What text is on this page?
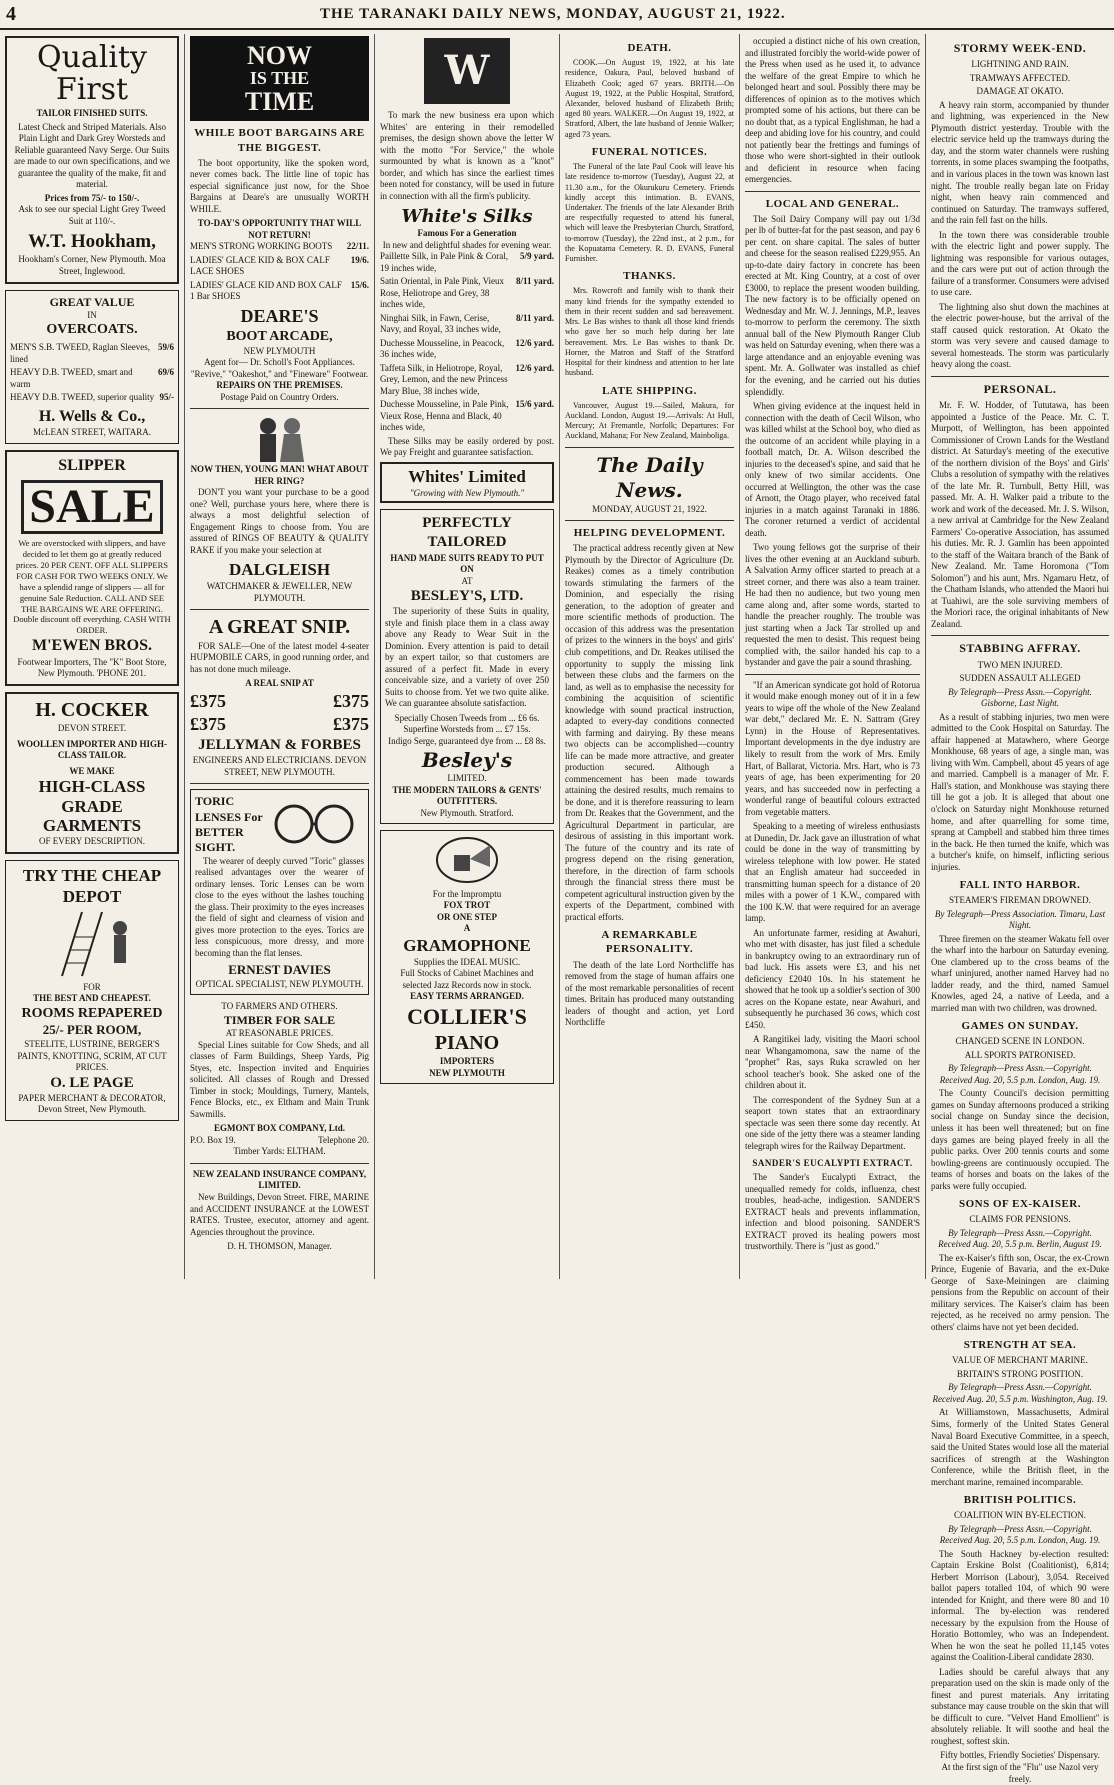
4	THE TARANAKI DAILY NEWS, MONDAY, AUGUST 21, 1922.
Quality
First
TAILOR FINISHED SUITS.
Latest Check and Striped Materials. Also Plain Light and Dark Grey Worsteds and Reliable guaranteed Navy Serge. Our Suits are made to our own specifications, and we guarantee the quality of the make, fit and material.
Prices from 75/- to 150/-.
Ask to see our special Light Grey Tweed Suit at 110/-.
W.T. Hookham,
Hookham's Corner, New Plymouth. Moa Street, Inglewood.
GREAT VALUE
IN
OVERCOATS.
MEN'S S.B. TWEED, Raglan Sleeves, lined
59/6
HEAVY D.B. TWEED, smart and warm
69/6
HEAVY D.B. TWEED, superior quality 95/-
H. Wells & Co.,
McLEAN STREET, WAITARA.
SLIPPER
SALE
We are overstocked with slippers, and have decided to let them go at greatly reduced prices. 20 PER CENT. OFF ALL SLIPPERS FOR CASH FOR TWO WEEKS ONLY. We have a splendid range of slippers — all for genuine Sale Reduction. CALL AND SEE THE BARGAINS WE ARE OFFERING. Double discount off everything. CASH WITH ORDER.
M'EWEN BROS.
Footwear Importers, The "K" Boot Store, New Plymouth. 'PHONE 201.
H. COCKER
DEVON STREET.
WOOLLEN IMPORTER AND HIGH-CLASS TAILOR.
WE MAKE
HIGH-CLASS GRADE GARMENTS
OF EVERY DESCRIPTION.
TRY THE CHEAP DEPOT
FOR
THE BEST AND CHEAPEST.
ROOMS REPAPERED
25/- PER ROOM,
STEELITE, LUSTRINE, BERGER'S PAINTS, KNOTTING, SCRIM, AT CUT PRICES.
O. LE PAGE
PAPER MERCHANT & DECORATOR,
Devon Street, New Plymouth.
NOW
IS THE
TIME
WHILE BOOT BARGAINS ARE THE BIGGEST.
The boot opportunity, like the spoken word, never comes back. The little line of topic has especial significance just now, for the Shoe Bargains at Deare's are unusually WORTH WHILE.
TO-DAY'S OPPORTUNITY THAT WILL NOT RETURN!
MEN'S STRONG WORKING BOOTS 22/11.
LADIES' GLACE KID & BOX CALF LACE SHOES
19/6.
LADIES' GLACE KID AND BOX CALF 1 Bar SHOES
15/6.
DEARE'S
BOOT ARCADE,
NEW PLYMOUTH
Agent for— Dr. Scholl's Foot Appliances. "Revive," "Oakeshot," and "Fineware" Footwear.
REPAIRS ON THE PREMISES.
Postage Paid on Country Orders.
NOW THEN, YOUNG MAN! WHAT ABOUT HER RING?
DON'T you want your purchase to be a good one? Well, purchase yours here, where there is always a most delightful selection of Engagement Rings to choose from. You are assured of RINGS OF BEAUTY & QUALITY RAKE if you make your selection at
DALGLEISH
WATCHMAKER & JEWELLER, NEW PLYMOUTH.
A GREAT SNIP.
FOR SALE—One of the latest model 4-seater HUPMOBILE CARS, in good running order, and has not done much mileage.
A REAL SNIP AT
£375	£375
£375	£375
JELLYMAN & FORBES
ENGINEERS AND ELECTRICIANS. DEVON STREET, NEW PLYMOUTH.
TORIC LENSES For BETTER SIGHT.
The wearer of deeply curved "Toric" glasses realised advantages over the wearer of ordinary lenses. Toric Lenses can be worn close to the eyes without the lashes touching the glass. Their proximity to the eyes increases the field of sight and clearness of vision and gives more protection to the eyes. Torics are less conspicuous, more dressy, and more becoming than the flat lenses.
ERNEST DAVIES
OPTICAL SPECIALIST, NEW PLYMOUTH.
TO FARMERS AND OTHERS.
TIMBER FOR SALE
AT REASONABLE PRICES.
Special Lines suitable for Cow Sheds, and all classes of Farm Buildings, Sheep Yards, Pig Styes, etc. Inspection invited and Enquiries solicited. All classes of Rough and Dressed Timber in stock; Mouldings, Turnery, Mantels, Fence Blocks, etc., ex Eltham and Main Trunk Sawmills.
EGMONT BOX COMPANY, Ltd.
P.O. Box 19.	Telephone 20.
Timber Yards: ELTHAM.
NEW ZEALAND INSURANCE COMPANY, LIMITED.
New Buildings, Devon Street. FIRE, MARINE and ACCIDENT INSURANCE at the LOWEST RATES. Trustee, executor, attorney and agent. Agencies throughout the province.
D. H. THOMSON, Manager.
W
To mark the new business era upon which Whites' are entering in their remodelled premises, the design shown above the letter W with the motto "For Service," the whole surmounted by what is known as a "knot" border, and which has since the earliest times been noted for constancy, will be used in future in connection with all the firm's publicity.
White's Silks
Famous For a Generation
In new and delightful shades for evening wear.
Paillette Silk, in Pale Pink & Coral, 19 inches wide,
5/9 yard.
Satin Oriental, in Pale Pink, Vieux Rose, Heliotrope and Grey, 38 inches wide,
8/11 yard.
Ninghai Silk, in Fawn, Cerise, Navy, and Royal, 33 inches wide,
8/11 yard.
Duchesse Mousseline, in Peacock, 36 inches wide,
12/6 yard.
Taffeta Silk, in Heliotrope, Royal, Grey, Lemon, and the new Princess Mary Blue, 38 inches wide,
12/6 yard.
Duchesse Mousseline, in Pale Pink, Vieux Rose, Henna and Black, 40 inches wide,
15/6 yard.
These Silks may be easily ordered by post. We pay Freight and guarantee satisfaction.
Whites' Limited
"Growing with New Plymouth."
PERFECTLY
TAILORED
HAND MADE SUITS READY TO PUT ON
AT
BESLEY'S, LTD.
The superiority of these Suits in quality, style and finish place them in a class away above any Ready to Wear Suit in the Dominion. Every attention is paid to detail by an expert tailor, so that customers are assured of a perfect fit. Made in every conceivable size, and a variety of over 250 Suits to choose from. Yet we two quite alike. We can guarantee absolute satisfaction.
Specially Chosen Tweeds from ... £6 6s.
Superfine Worsteds from ... £7 15s.
Indigo Serge, guaranteed dye from ... £8 8s.
Besley's
LIMITED.
THE MODERN TAILORS & GENTS' OUTFITTERS.
New Plymouth. Stratford.
For the Impromptu
FOX TROT
OR ONE STEP
A
GRAMOPHONE
Supplies the IDEAL MUSIC.
Full Stocks of Cabinet Machines and selected Jazz Records now in stock.
EASY TERMS ARRANGED.
COLLIER'S
PIANO
IMPORTERS
NEW PLYMOUTH
DEATH.
COOK.—On August 19, 1922, at his late residence, Oakura, Paul, beloved husband of Elizabeth Cook; aged 67 years. BRITH.—On August 19, 1922, at the Public Hospital, Stratford, Alexander, beloved husband of Elizabeth Brith; aged 80 years. WALKER.—On August 19, 1922, at Stratford, Albert, the late husband of Jennie Walker; aged 73 years.
FUNERAL NOTICES.
The Funeral of the late Paul Cook will leave his late residence to-morrow (Tuesday), August 22, at 11.30 a.m., for the Okurukuru Cemetery. Friends kindly accept this intimation. B. EVANS, Undertaker. The friends of the late Alexander Brith are respectfully requested to attend his funeral, which will leave the Presbyterian Church, Stratford, to-morrow (Tuesday), the 22nd inst., at 2 p.m., for the Kopuatama Cemetery. R. D. EVANS, Funeral Furnisher.
THANKS.
Mrs. Rowcroft and family wish to thank their many kind friends for the sympathy extended to them in their recent sudden and sad bereavement. Mrs. Le Bas wishes to thank all those kind friends who gave her so much help during her late bereavement. Mrs. Le Bas wishes to thank Dr. Horner, the Matron and Staff of the Stratford Hospital for their kindness and attention to her late husband.
LATE SHIPPING.
Vancouver, August 19.—Sailed, Makura, for Auckland. London, August 19.—Arrivals: At Hull, Mercury; At Fremantle, Norfolk; Departures: For Auckland, Mahana; For New Zealand, Mainboliga.
The Daily News.
MONDAY, AUGUST 21, 1922.
HELPING DEVELOPMENT.
The practical address recently given at New Plymouth by the Director of Agriculture (Dr. Reakes) comes as a timely contribution towards stimulating the farmers of the Dominion, and especially the rising generation, to the adoption of greater and more scientific methods of production. The occasion of this address was the presentation of prizes to the winners in the boys' and girls' club competitions, and Dr. Reakes utilised the opportunity to supply the missing link between these clubs and the farmers on the land, as well as to emphasise the necessity for combining the acquisition of scientific knowledge with sound practical instruction, adapted to every-day conditions connected with farming and dairying. By these means two objects can be accomplished—country life can be made more attractive, and greater production secured. Although a commencement has been made towards attaining the desired results, much remains to be done, and it is therefore reassuring to learn from Dr. Reakes that the Government, and the Agricultural Department in particular, are desirous of assisting in this important work. The future of the country and its rate of progress depend on the rising generation, therefore, in the direction of farm schools through the financial stress there must be competent agricultural instruction given by the experts of the Department, combined with practical efforts.
A REMARKABLE PERSONALITY.
The death of the late Lord Northcliffe has removed from the stage of human affairs one of the most remarkable personalities of recent times. Britain has produced many outstanding leaders of thought and action, yet Lord Northcliffe
occupied a distinct niche of his own creation, and illustrated forcibly the world-wide power of the Press when used as he used it, to advance the welfare of the great Empire to which he belonged heart and soul. Possibly there may be differences of opinion as to the motives which prompted some of his actions, but there can be no doubt that, as a typical Englishman, he had a deep and abiding love for his country, and could not patiently bear the frettings and fumings of those who were short-sighted in their outlook and deficient in resource when facing emergencies.
LOCAL AND GENERAL.
The Soil Dairy Company will pay out 1/3d per lb of butter-fat for the past season, and pay 6 per cent. on share capital. The sales of butter and cheese for the season realised £229,955. An up-to-date dairy factory in concrete has been erected at Mt. King Country, at a cost of over £3000, to replace the present wooden building. The new factory is to be officially opened on Wednesday and Mr. W. J. Jennings, M.P., leaves to-morrow to perform the ceremony. The sixth annual ball of the New Plymouth Ranger Club was held on Saturday evening, when there was a large attendance and an enjoyable evening was spent. Mr. A. Gollwater was installed as chief for the evening, and he carried out his duties splendidly.
When giving evidence at the inquest held in connection with the death of Cecil Wilson, who was killed whilst at the School boy, who died as the outcome of an accident while playing in a football match, Dr. A. Wilson described the injuries to the deceased's spine, and said that he only knew of two similar accidents. One occurred at Wellington, the other was the case of Arnott, the Otago player, who received fatal injuries in a match against Taranaki in 1886. The coroner returned a verdict of accidental death.
Two young fellows got the surprise of their lives the other evening at an Auckland suburb. A Salvation Army officer started to preach at a street corner, and there was also a team trainer. He had then no audience, but two young men came along and, after some words, started to handle the preacher roughly. The trouble was just starting when a Jack Tar strolled up and requested the men to desist. This request being complied with, the sailor handed his cap to a bystander and gave the pair a sound thrashing.
"If an American syndicate got hold of Rotorua it would make enough money out of it in a few years to wipe off the whole of the New Zealand war debt," declared Mr. E. N. Sattram (Grey Lynn) in the House of Representatives. Important developments in the dye industry are likely to result from the work of Mrs. Emily Hart, of Ballarat, Victoria. Mrs. Hart, who is 73 years of age, has been experimenting for 20 years, and has succeeded now in perfecting a wonderful range of beautiful colours extracted from vegetable matters.
Speaking to a meeting of wireless enthusiasts at Dunedin, Dr. Jack gave an illustration of what could be done in the way of transmitting by wireless telephone with low power. He stated that an English amateur had succeeded in transmitting human speech for a distance of 20 miles with a power of 1 K.W., compared with the 100 K.W. that were required for an average lamp.
An unfortunate farmer, residing at Awahuri, who met with disaster, has just filed a schedule in bankruptcy owing to an extraordinary run of bad luck. His assets were £3, and his net deficiency £2040 10s. In his statement he showed that he took up a soldier's section of 300 acres on the Kopane estate, near Awahuri, and subsequently he purchased 36 cows, which cost £450.
A Rangitikei lady, visiting the Maori school near Whangamomona, saw the name of the "prophet" Ras, says Ruka scrawled on her school teacher's book. She asked one of the children about it.
The correspondent of the Sydney Sun at a seaport town states that an extraordinary spectacle was seen there some day recently. At one side of the jetty there was a steamer landing telegraph wires for the Railway Department.
SANDER'S EUCALYPTI EXTRACT.
The Sander's Eucalypti Extract, the unequalled remedy for colds, influenza, chest troubles, head-ache, indigestion. SANDER'S EXTRACT heals and prevents inflammation, infection and blood poisoning. SANDER'S EXTRACT proved its healing powers most trustworthily. There is "just as good."
STORMY WEEK-END.
LIGHTNING AND RAIN.
TRAMWAYS AFFECTED.
DAMAGE AT OKATO.
A heavy rain storm, accompanied by thunder and lightning, was experienced in the New Plymouth district yesterday. Trouble with the electric service held up the tramways during the day, and the storm water channels were rushing torrents, in some places swamping the footpaths, and in various places in the town was known last night. The trouble really began late on Friday night, when heavy rain commenced and continued on Saturday. The tramways suffered, and the rain fell fast on the hills.
In the town there was considerable trouble with the electric light and power supply. The lightning was responsible for various outages, and the cars were put out of action through the failure of a transformer. Consumers were advised to use care.
The lightning also shut down the machines at the electric power-house, but the arrival of the staff caused quick restoration. At Okato the storm was very severe and caused damage to several homesteads. The storm was particularly heavy along the coast.
PERSONAL.
Mr. F. W. Hodder, of Tututawa, has been appointed a Justice of the Peace. Mr. C. T. Murpott, of Wellington, has been appointed Commissioner of Crown Lands for the Westland district. At Saturday's meeting of the executive of the northern division of the Boys' and Girls' Clubs a resolution of sympathy with the relatives of the late Mr. R. Turnbull, Betty Hill, was passed. Mr. A. H. Walker paid a tribute to the work and work of the deceased. Mr. J. S. Wilson, a new arrival at Cambridge for the New Zealand Farmers' Co-operative Association, has assumed his duties. Mr. R. J. Gamlin has been appointed to the staff of the Waitara branch of the Bank of New Zealand. Mr. Tame Horomona ("Tom Solomon") and his aunt, Mrs. Ngamaru Hetz, of the Chatham Islands, who attended the Maori hui at Tuahiwi, are the sole surviving members of the Moriori race, the original inhabitants of New Zealand.
STABBING AFFRAY.
TWO MEN INJURED.
SUDDEN ASSAULT ALLEGED
By Telegraph—Press Assn.—Copyright. Gisborne, Last Night.
As a result of stabbing injuries, two men were admitted to the Cook Hospital on Saturday. The affair happened at Matawhero, where George Monkhouse, 68 years of age, a single man, was living with Wm. Campbell, about 45 years of age and married. Campbell is a manager of Mr. F. Hall's station, and Monkhouse was staying there till he got a job. It is alleged that about one o'clock on Saturday night Monkhouse returned home, and after quarrelling for some time, sprang at Campbell and stabbed him three times in the back. He then turned the knife, which was a butcher's knife, on himself, inflicting serious injuries.
FALL INTO HARBOR.
STEAMER'S FIREMAN DROWNED.
By Telegraph—Press Association. Timaru, Last Night.
Three firemen on the steamer Wakatu fell over the wharf into the harbour on Saturday evening. One clambered up to the cross beams of the wharf uninjured, another named Harvey had no ladder ready, and the third, named Samuel Knowles, aged 24, a native of Leeda, and a married man with two children, was drowned.
GAMES ON SUNDAY.
CHANGED SCENE IN LONDON.
ALL SPORTS PATRONISED.
By Telegraph—Press Assn.—Copyright. Received Aug. 20, 5.5 p.m. London, Aug. 19.
The County Council's decision permitting games on Sunday afternoons produced a striking social change on Sunday since the decision, unless it has been well threatened; but on fine days games are being played freely in all the public parks. Over 200 tennis courts and some bowling-greens are continuously occupied. The teams of horses and boats on the lakes of the parks were fully occupied.
SONS OF EX-KAISER.
CLAIMS FOR PENSIONS.
By Telegraph—Press Assn.—Copyright. Received Aug. 20, 5.5 p.m. Berlin, August 19.
The ex-Kaiser's fifth son, Oscar, the ex-Crown Prince, Eugenie of Bavaria, and the ex-Duke George of Saxe-Meiningen are claiming pensions from the Republic on account of their military services. The Kaiser's claim has been rejected, as he received no army pension. The others' claims have not yet been decided.
STRENGTH AT SEA.
VALUE OF MERCHANT MARINE.
BRITAIN'S STRONG POSITION.
By Telegraph—Press Assn.—Copyright. Received Aug. 20, 5.5 p.m. Washington, Aug. 19.
At Williamstown, Massachusetts, Admiral Sims, formerly of the United States General Naval Board Executive Committee, in a speech, said the United States would lose all the material sacrifices of strength at the Washington Conference, while the British fleet, in the merchant marine, remained incomparable.
BRITISH POLITICS.
COALITION WIN BY-ELECTION.
By Telegraph—Press Assn.—Copyright. Received Aug. 20, 5.5 p.m. London, Aug. 19.
The South Hackney by-election resulted: Captain Erskine Bolst (Coalitionist), 6,814; Herbert Morrison (Labour), 3,054. Received ballot papers totalled 104, of which 90 were intended for Knight, and there were 80 and 10 informal. The by-election was rendered necessary by the expulsion from the House of Horatio Bottomley, who was an Independent. When he won the seat he polled 11,145 votes against the Coalition-Liberal candidate 2830.
Ladies should be careful always that any preparation used on the skin is made only of the finest and purest materials. Any irritating substance may cause trouble on the skin that will be difficult to cure. "Velvet Hand Emollient" is absolutely reliable. It will soothe and heal the roughest, softest skin.
Fifty bottles, Friendly Societies' Dispensary.
At the first sign of the "Flu" use Nazol very freely.
